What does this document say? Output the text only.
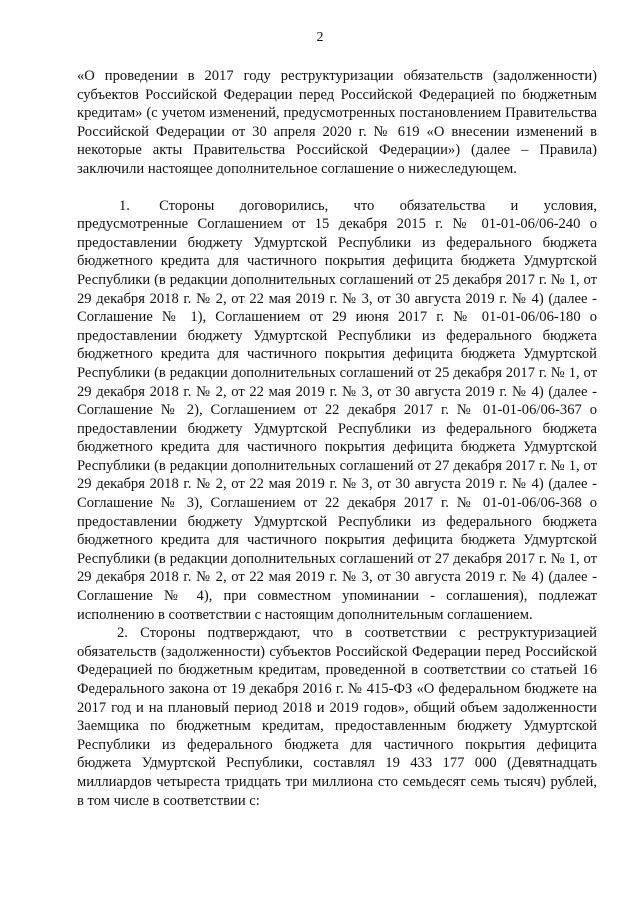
2

«О проведении в 2017 году реструктуризации обязательств (задолженности) субъектов Российской Федерации перед Российской Федерацией по бюджетным кредитам» (с учетом изменений, предусмотренных постановлением Правительства Российской Федерации от 30 апреля 2020 г. № 619 «О внесении изменений в некоторые акты Правительства Российской Федерации») (далее – Правила) заключили настоящее дополнительное соглашение о нижеследующем.

1.  Стороны договорились, что обязательства и условия, предусмотренные Соглашением от 15 декабря 2015 г. № 01-01-06/06-240 о предоставлении бюджету Удмуртской Республики из федерального бюджета бюджетного кредита для частичного покрытия дефицита бюджета Удмуртской Республики (в редакции дополнительных соглашений от 25 декабря 2017 г. № 1, от 29 декабря 2018 г. № 2, от 22 мая 2019 г. № 3, от 30 августа 2019 г. № 4) (далее - Соглашение № 1), Соглашением от 29 июня 2017 г. № 01-01-06/06-180 о предоставлении бюджету Удмуртской Республики из федерального бюджета бюджетного кредита для частичного покрытия дефицита бюджета Удмуртской Республики (в редакции дополнительных соглашений от 25 декабря 2017 г. № 1, от 29 декабря 2018 г. № 2, от 22 мая 2019 г. № 3, от 30 августа 2019 г. № 4) (далее - Соглашение № 2), Соглашением от 22 декабря 2017 г. № 01-01-06/06-367 о предоставлении бюджету Удмуртской Республики из федерального бюджета бюджетного кредита для частичного покрытия дефицита бюджета Удмуртской Республики (в редакции дополнительных соглашений от 27 декабря 2017 г. № 1, от 29 декабря 2018 г. № 2, от 22 мая 2019 г. № 3, от 30 августа 2019 г. № 4) (далее - Соглашение № 3), Соглашением от 22 декабря 2017 г. № 01-01-06/06-368 о предоставлении бюджету Удмуртской Республики из федерального бюджета бюджетного кредита для частичного покрытия дефицита бюджета Удмуртской Республики (в редакции дополнительных соглашений от 27 декабря 2017 г. № 1, от 29 декабря 2018 г. № 2, от 22 мая 2019 г. № 3, от 30 августа 2019 г. № 4) (далее - Соглашение № 4), при совместном упоминании - соглашения), подлежат исполнению в соответствии с настоящим дополнительным соглашением.

2. Стороны подтверждают, что в соответствии с реструктуризацией обязательств (задолженности) субъектов Российской Федерации перед Российской Федерацией по бюджетным кредитам, проведенной в соответствии со статьей 16 Федерального закона от 19 декабря 2016 г. № 415-ФЗ «О федеральном бюджете на 2017 год и на плановый период 2018 и 2019 годов», общий объем задолженности Заемщика по бюджетным кредитам, предоставленным бюджету Удмуртской Республики из федерального бюджета для частичного покрытия дефицита бюджета Удмуртской Республики, составлял 19 433 177 000 (Девятнадцать миллиардов четыреста тридцать три миллиона сто семьдесят семь тысяч) рублей, в том числе в соответствии с:
